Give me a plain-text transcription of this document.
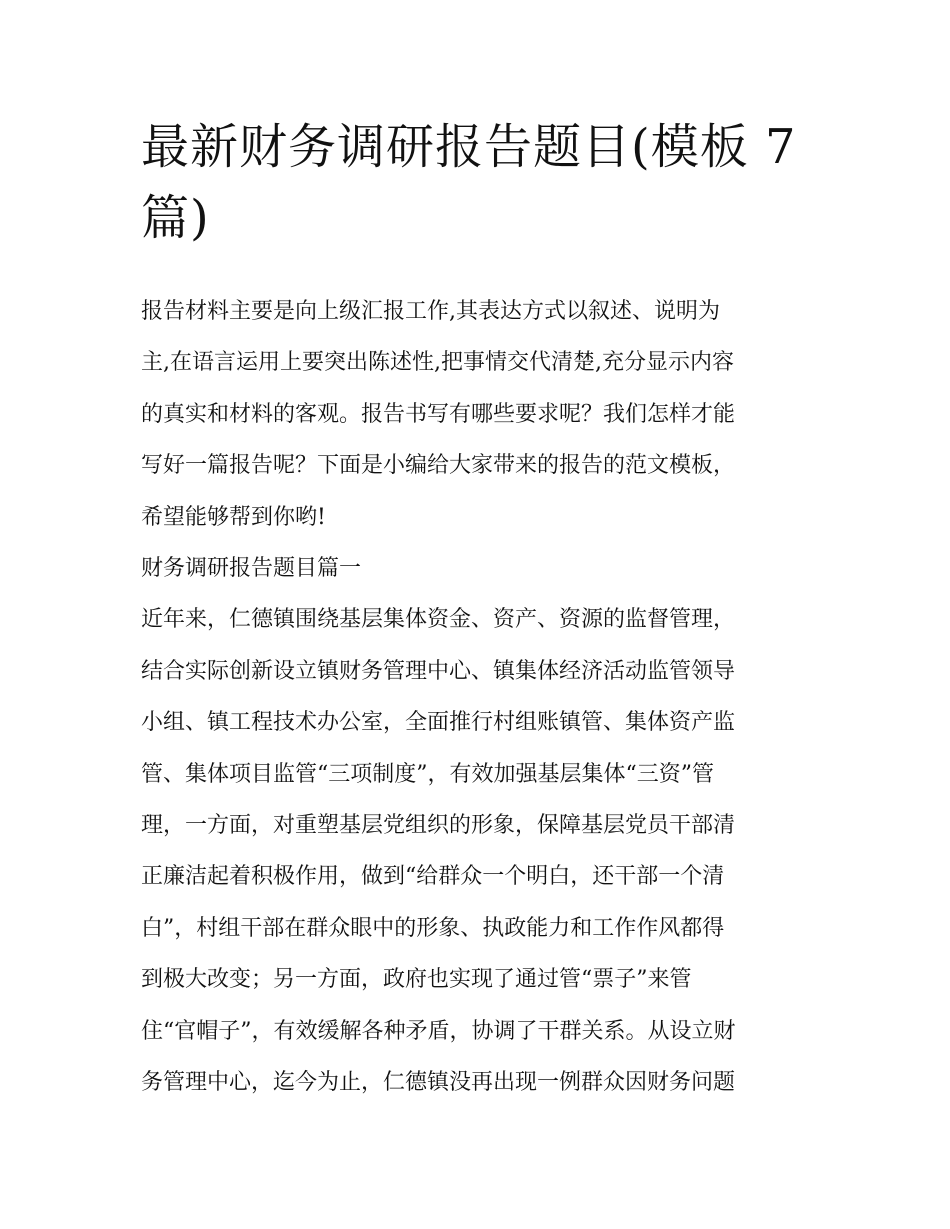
最新财务调研报告题目(模板 7
篇)

报告材料主要是向上级汇报工作,其表达方式以叙述、说明为
主,在语言运用上要突出陈述性,把事情交代清楚,充分显示内容
的真实和材料的客观。报告书写有哪些要求呢？我们怎样才能
写好一篇报告呢？下面是小编给大家带来的报告的范文模板，
希望能够帮到你哟!

财务调研报告题目篇一

近年来，仁德镇围绕基层集体资金、资产、资源的监督管理，
结合实际创新设立镇财务管理中心、镇集体经济活动监管领导
小组、镇工程技术办公室，全面推行村组账镇管、集体资产监
管、集体项目监管“三项制度”，有效加强基层集体“三资”管
理，一方面，对重塑基层党组织的形象，保障基层党员干部清
正廉洁起着积极作用，做到“给群众一个明白，还干部一个清
白”，村组干部在群众眼中的形象、执政能力和工作作风都得
到极大改变；另一方面，政府也实现了通过管“票子”来管
住“官帽子”，有效缓解各种矛盾，协调了干群关系。从设立财
务管理中心，迄今为止，仁德镇没再出现一例群众因财务问题
